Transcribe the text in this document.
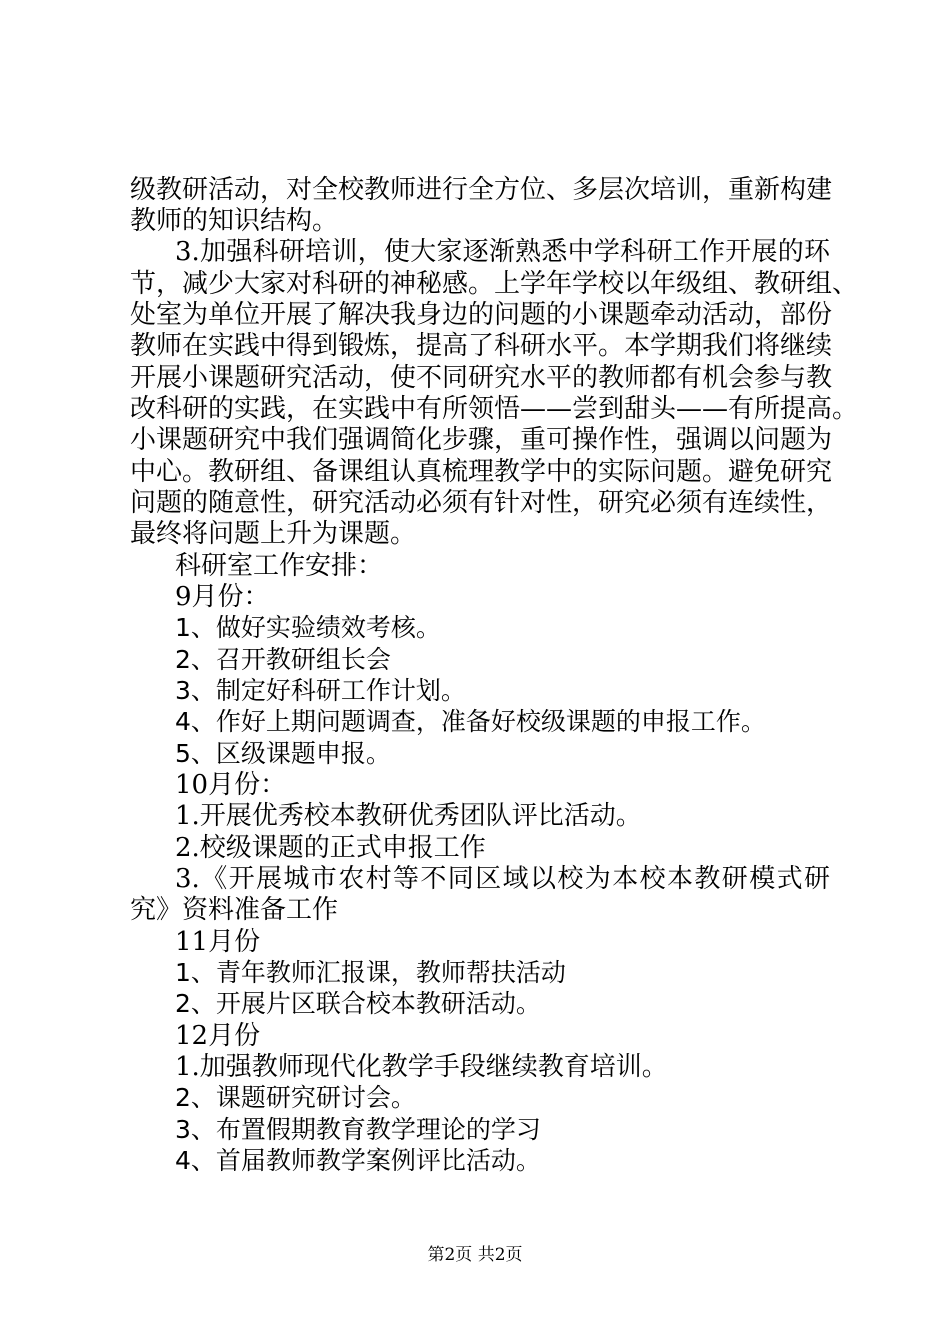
级教研活动，对全校教师进行全方位、多层次培训，重新构建
教师的知识结构。
3.加强科研培训，使大家逐渐熟悉中学科研工作开展的环
节，减少大家对科研的神秘感。上学年学校以年级组、教研组、
处室为单位开展了解决我身边的问题的小课题牵动活动，部份
教师在实践中得到锻炼，提高了科研水平。本学期我们将继续
开展小课题研究活动，使不同研究水平的教师都有机会参与教
改科研的实践，在实践中有所领悟——尝到甜头——有所提高。
小课题研究中我们强调简化步骤，重可操作性，强调以问题为
中心。教研组、备课组认真梳理教学中的实际问题。避免研究
问题的随意性，研究活动必须有针对性，研究必须有连续性，
最终将问题上升为课题。
科研室工作安排：
9月份：
1、做好实验绩效考核。
2、召开教研组长会
3、制定好科研工作计划。
4、作好上期问题调查，准备好校级课题的申报工作。
5、区级课题申报。
10月份：
1.开展优秀校本教研优秀团队评比活动。
2.校级课题的正式申报工作
3.《开展城市农村等不同区域以校为本校本教研模式研
究》资料准备工作
11月份
1、青年教师汇报课，教师帮扶活动
2、开展片区联合校本教研活动。
12月份
1.加强教师现代化教学手段继续教育培训。
2、课题研究研讨会。
3、布置假期教育教学理论的学习
4、首届教师教学案例评比活动。
第2页 共2页
